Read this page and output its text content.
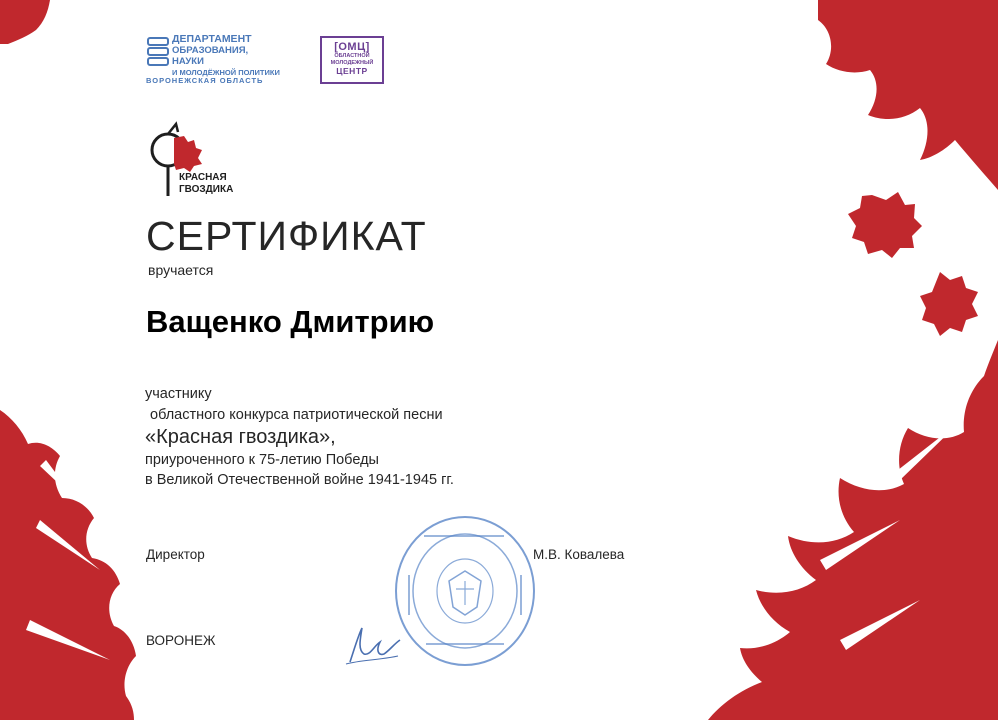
ДЕПАРТАМЕНТ
ОБРАЗОВАНИЯ, НАУКИ
И МОЛОДЁЖНОЙ ПОЛИТИКИ
ВОРОНЕЖСКАЯ ОБЛАСТЬ
[ОМЦ]
ОБЛАСТНОЙ
МОЛОДЕЖНЫЙ
ЦЕНТР
КРАСНАЯ
ГВОЗДИКА
СЕРТИФИКАТ
вручается
Ващенко Дмитрию
участнику
областного конкурса патриотической песни
«Красная гвоздика»,
приуроченного к 75-летию Победы
в Великой Отечественной войне 1941-1945 гг.
Директор	М.В. Ковалева
ВОРОНЕЖ
